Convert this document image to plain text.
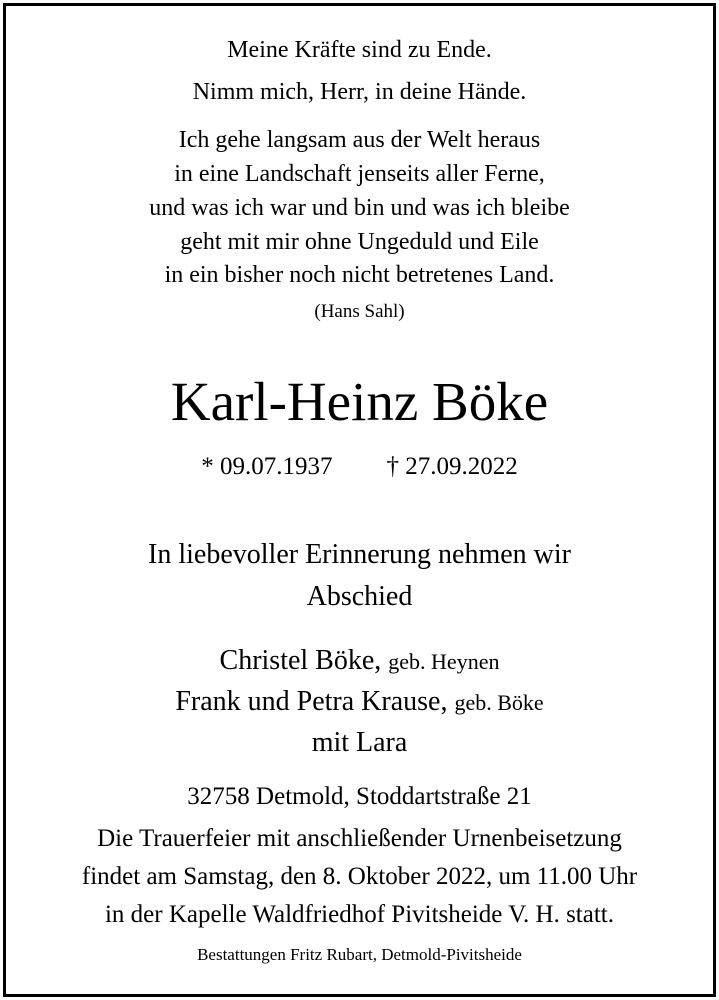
Meine Kräfte sind zu Ende.
Nimm mich, Herr, in deine Hände.
Ich gehe langsam aus der Welt heraus
in eine Landschaft jenseits aller Ferne,
und was ich war und bin und was ich bleibe
geht mit mir ohne Ungeduld und Eile
in ein bisher noch nicht betretenes Land.
(Hans Sahl)
Karl-Heinz Böke
* 09.07.1937 † 27.09.2022
In liebevoller Erinnerung nehmen wir
Abschied
Christel Böke, geb. Heynen
Frank und Petra Krause, geb. Böke
mit Lara
32758 Detmold, Stoddartstraße 21
Die Trauerfeier mit anschließender Urnenbeisetzung
findet am Samstag, den 8. Oktober 2022, um 11.00 Uhr
in der Kapelle Waldfriedhof Pivitsheide V. H. statt.
Bestattungen Fritz Rubart, Detmold-Pivitsheide
